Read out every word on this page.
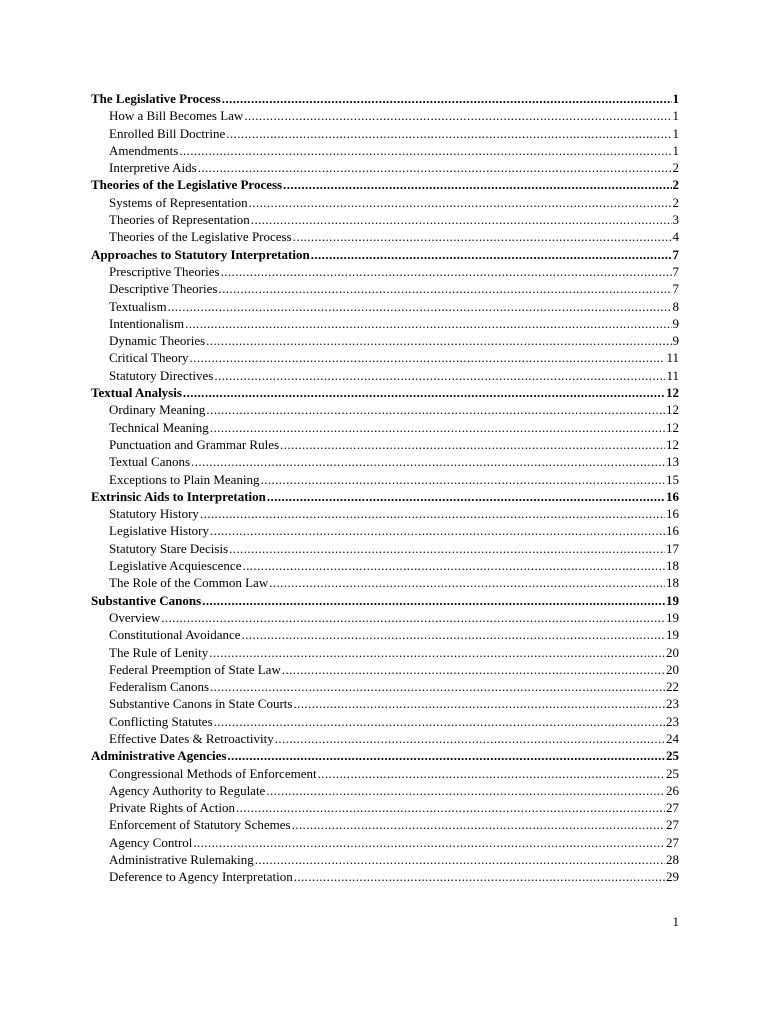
The Legislative Process .....	1
How a Bill Becomes Law .....	1
Enrolled Bill Doctrine .....	1
Amendments .....	1
Interpretive Aids .....	2
Theories of the Legislative Process .....	2
Systems of Representation .....	2
Theories of Representation .....	3
Theories of the Legislative Process .....	4
Approaches to Statutory Interpretation .....	7
Prescriptive Theories .....	7
Descriptive Theories .....	7
Textualism .....	8
Intentionalism .....	9
Dynamic Theories .....	9
Critical Theory .....	11
Statutory Directives .....	11
Textual Analysis .....	12
Ordinary Meaning .....	12
Technical Meaning .....	12
Punctuation and Grammar Rules .....	12
Textual Canons .....	13
Exceptions to Plain Meaning .....	15
Extrinsic Aids to Interpretation .....	16
Statutory History .....	16
Legislative History .....	16
Statutory Stare Decisis .....	17
Legislative Acquiescence .....	18
The Role of the Common Law .....	18
Substantive Canons .....	19
Overview .....	19
Constitutional Avoidance .....	19
The Rule of Lenity .....	20
Federal Preemption of State Law .....	20
Federalism Canons .....	22
Substantive Canons in State Courts .....	23
Conflicting Statutes .....	23
Effective Dates & Retroactivity .....	24
Administrative Agencies .....	25
Congressional Methods of Enforcement .....	25
Agency Authority to Regulate .....	26
Private Rights of Action .....	27
Enforcement of Statutory Schemes .....	27
Agency Control .....	27
Administrative Rulemaking .....	28
Deference to Agency Interpretation .....	29
1
